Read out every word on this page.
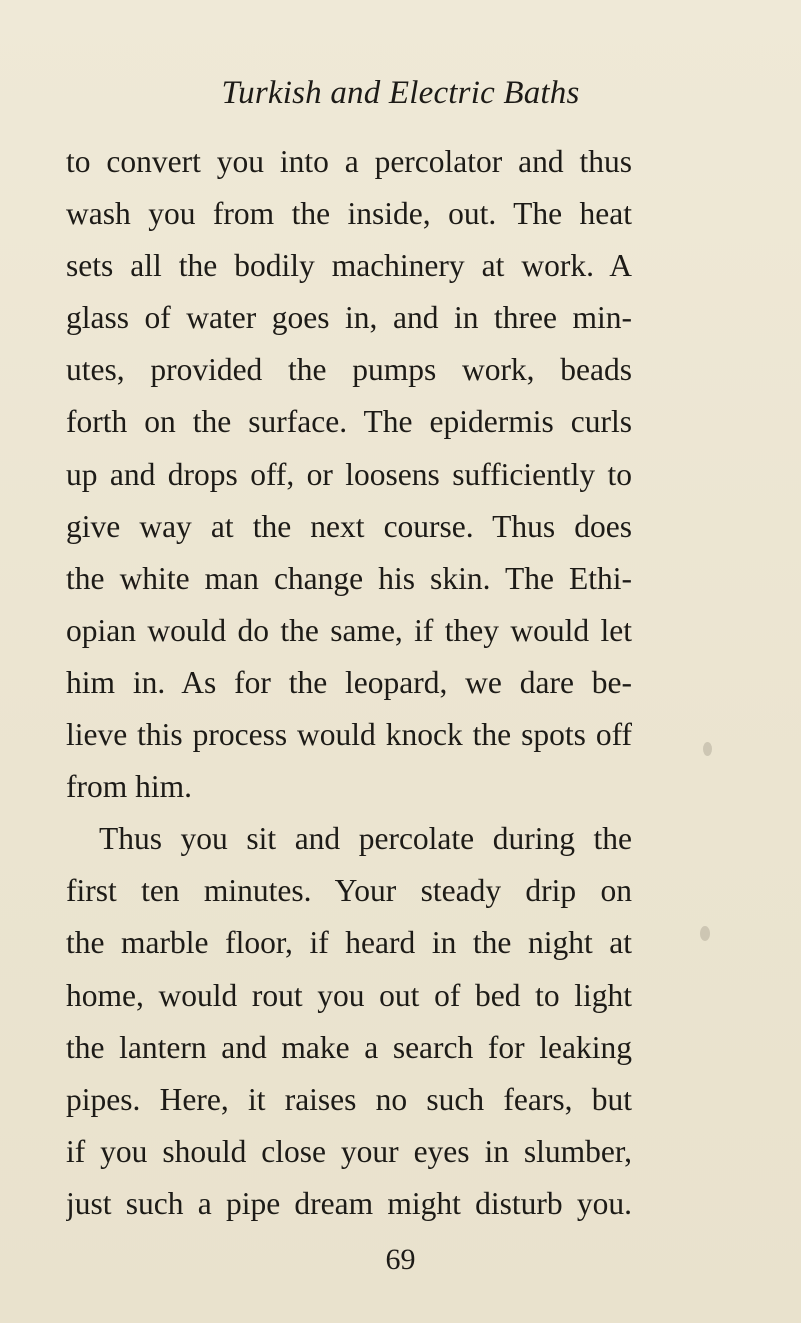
Turkish and Electric Baths
to convert you into a percolator and thus
wash you from the inside, out. The heat
sets all the bodily machinery at work. A
glass of water goes in, and in three min-
utes, provided the pumps work, beads
forth on the surface. The epidermis curls
up and drops off, or loosens sufficiently to
give way at the next course. Thus does
the white man change his skin. The Ethi-
opian would do the same, if they would let
him in. As for the leopard, we dare be-
lieve this process would knock the spots off
from him.
Thus you sit and percolate during the
first ten minutes. Your steady drip on
the marble floor, if heard in the night at
home, would rout you out of bed to light
the lantern and make a search for leaking
pipes. Here, it raises no such fears, but
if you should close your eyes in slumber,
just such a pipe dream might disturb you.
69
